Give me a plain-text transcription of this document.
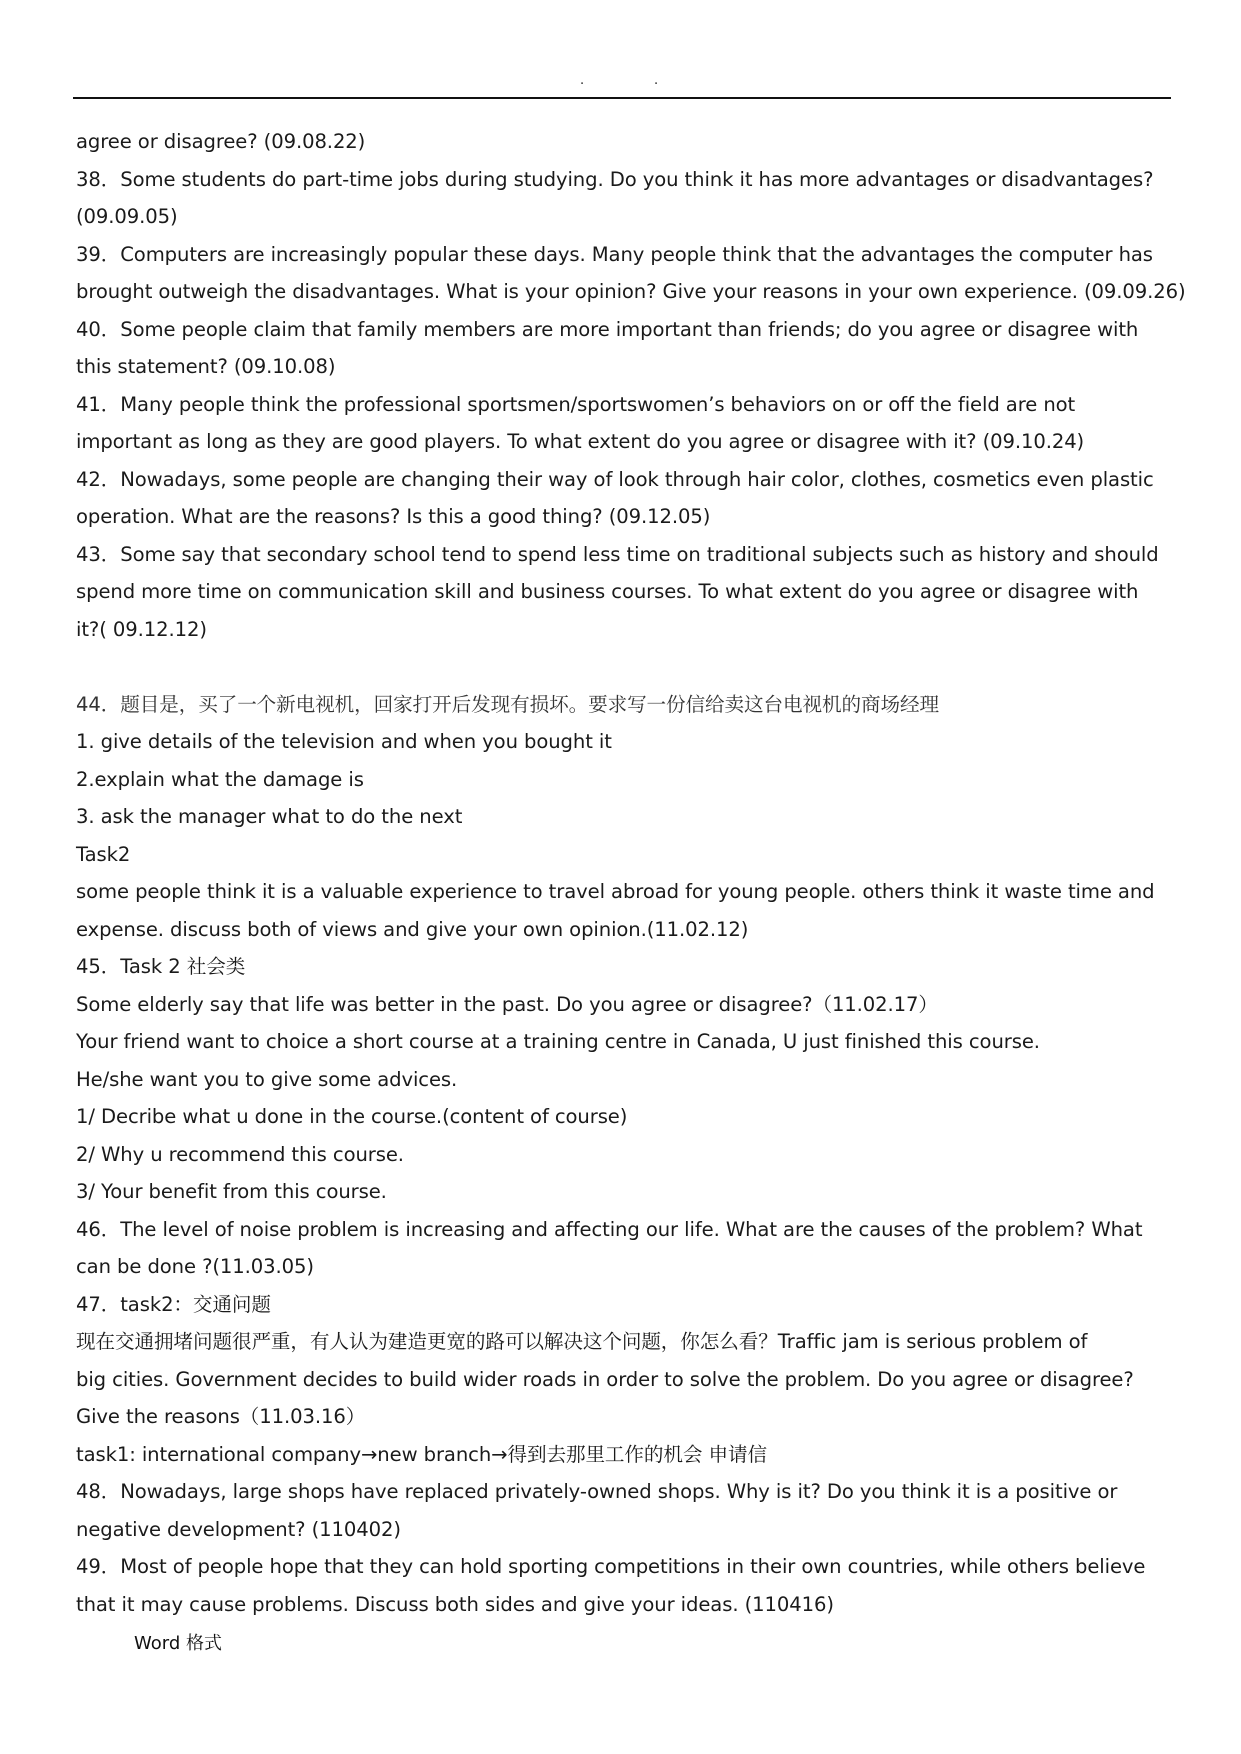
.	.
agree or disagree? (09.08.22)
38．Some students do part-time jobs during studying. Do you think it has more advantages or disadvantages?
(09.09.05)
39．Computers are increasingly popular these days. Many people think that the advantages the computer has
brought outweigh the disadvantages. What is your opinion? Give your reasons in your own experience. (09.09.26)
40．Some people claim that family members are more important than friends; do you agree or disagree with
this statement? (09.10.08)
41．Many people think the professional sportsmen/sportswomen’s behaviors on or off the field are not
important as long as they are good players. To what extent do you agree or disagree with it? (09.10.24)
42．Nowadays, some people are changing their way of look through hair color, clothes, cosmetics even plastic
operation. What are the reasons? Is this a good thing? (09.12.05)
43．Some say that secondary school tend to spend less time on traditional subjects such as history and should
spend more time on communication skill and business courses. To what extent do you agree or disagree with
it?( 09.12.12)
44．题目是，买了一个新电视机，回家打开后发现有损坏。要求写一份信给卖这台电视机的商场经理
1. give details of the television and when you bought it
2.explain what the damage is
3. ask the manager what to do the next
Task2
some people think it is a valuable experience to travel abroad for young people. others think it waste time and
expense. discuss both of views and give your own opinion.(11.02.12)
45．Task 2 社会类
Some elderly say that life was better in the past. Do you agree or disagree?（11.02.17）
Your friend want to choice a short course at a training centre in Canada, U just finished this course.
He/she want you to give some advices.
1/ Decribe what u done in the course.(content of course)
2/ Why u recommend this course.
3/ Your benefit from this course.
46．The level of noise problem is increasing and affecting our life. What are the causes of the problem? What
can be done ?(11.03.05)
47．task2：交通问题
现在交通拥堵问题很严重，有人认为建造更宽的路可以解决这个问题，你怎么看？Traffic jam is serious problem of
big cities. Government decides to build wider roads in order to solve the problem. Do you agree or disagree?
Give the reasons（11.03.16）
task1: international company→new branch→得到去那里工作的机会 申请信
48．Nowadays, large shops have replaced privately-owned shops. Why is it? Do you think it is a positive or
negative development? (110402)
49．Most of people hope that they can hold sporting competitions in their own countries, while others believe
that it may cause problems. Discuss both sides and give your ideas. (110416)
Word 格式
